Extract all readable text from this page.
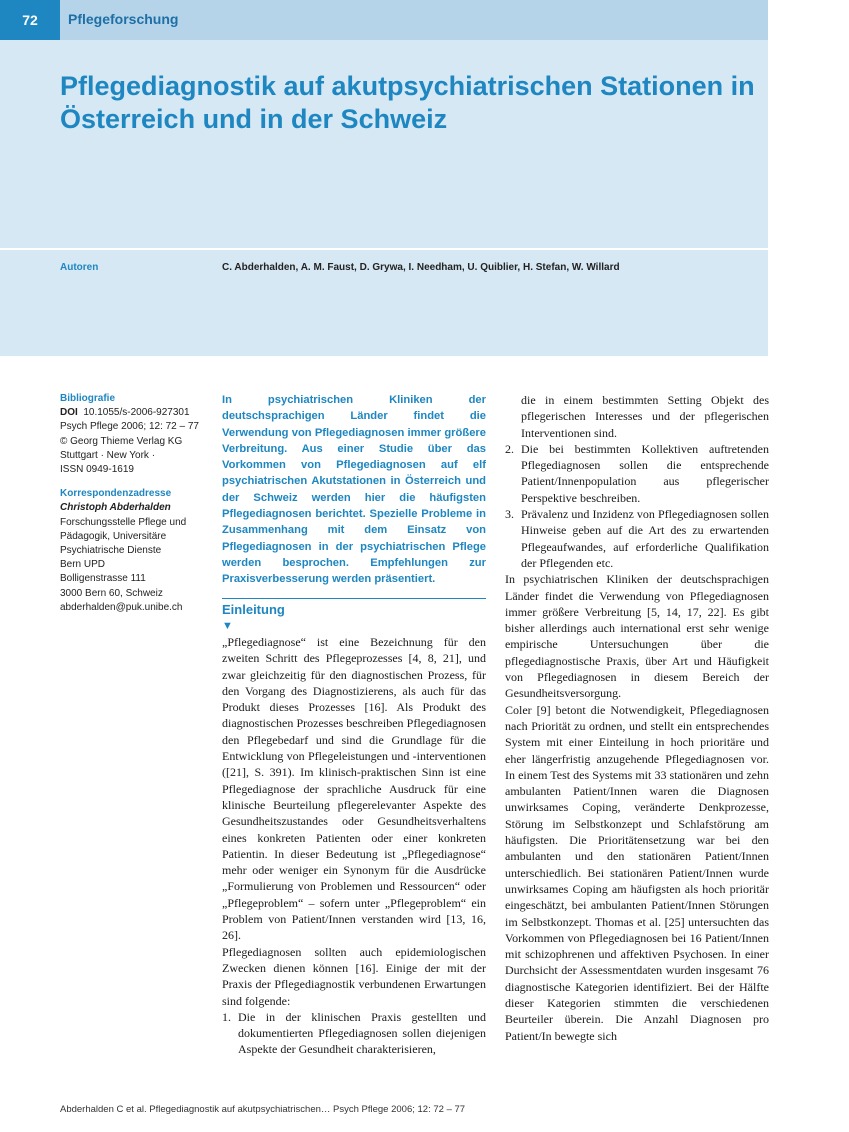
72	Pflegeforschung
Pflegediagnostik auf akutpsychiatrischen Stationen in Österreich und in der Schweiz
Autoren	C. Abderhalden, A. M. Faust, D. Grywa, I. Needham, U. Quiblier, H. Stefan, W. Willard
Bibliografie
DOI 10.1055/s-2006-927301
Psych Pflege 2006; 12: 72 – 77
© Georg Thieme Verlag KG
Stuttgart · New York ·
ISSN 0949-1619
Korrespondenzadresse
Christoph Abderhalden
Forschungsstelle Pflege und
Pädagogik, Universitäre
Psychiatrische Dienste
Bern UPD
Bolligenstrasse 111
3000 Bern 60, Schweiz
abderhalden@puk.unibe.ch
In psychiatrischen Kliniken der deutschsprachigen Länder findet die Verwendung von Pflegediagnosen immer größere Verbreitung. Aus einer Studie über das Vorkommen von Pflegediagnosen auf elf psychiatrischen Akutstationen in Österreich und der Schweiz werden hier die häufigsten Pflegediagnosen berichtet. Spezielle Probleme in Zusammenhang mit dem Einsatz von Pflegediagnosen in der psychiatrischen Pflege werden besprochen. Empfehlungen zur Praxisverbesserung werden präsentiert.
Einleitung
▼

„Pflegediagnose“ ist eine Bezeichnung für den zweiten Schritt des Pflegeprozesses [4, 8, 21], und zwar gleichzeitig für den diagnostischen Prozess, für den Vorgang des Diagnostizierens, als auch für das Produkt dieses Prozesses [16]. Als Produkt des diagnostischen Prozesses beschreiben Pflegediagnosen den Pflegebedarf und sind die Grundlage für die Entwicklung von Pflegeleistungen und -interventionen ([21], S. 391). Im klinisch-praktischen Sinn ist eine Pflegediagnose der sprachliche Ausdruck für eine klinische Beurteilung pflegerelevanter Aspekte des Gesundheitszustandes oder Gesundheitsverhaltens eines konkreten Patienten oder einer konkreten Patientin. In dieser Bedeutung ist „Pflegediagnose“ mehr oder weniger ein Synonym für die Ausdrücke „Formulierung von Problemen und Ressourcen“ oder „Pflegeproblem“ – sofern unter „Pflegeproblem“ ein Problem von Patient/Innen verstanden wird [13, 16, 26].

Pflegediagnosen sollten auch epidemiologischen Zwecken dienen können [16]. Einige der mit der Praxis der Pflegediagnostik verbundenen Erwartungen sind folgende:

1. Die in der klinischen Praxis gestellten und dokumentierten Pflegediagnosen sollen diejenigen Aspekte der Gesundheit charakterisieren,
die in einem bestimmten Setting Objekt des pflegerischen Interesses und der pflegerischen Interventionen sind.
2. Die bei bestimmten Kollektiven auftretenden Pflegediagnosen sollen die entsprechende Patient/Innenpopulation aus pflegerischer Perspektive beschreiben.
3. Prävalenz und Inzidenz von Pflegediagnosen sollen Hinweise geben auf die Art des zu erwartenden Pflegeaufwandes, auf erforderliche Qualifikation der Pflegenden etc.

In psychiatrischen Kliniken der deutschsprachigen Länder findet die Verwendung von Pflegediagnosen immer größere Verbreitung [5, 14, 17, 22]. Es gibt bisher allerdings auch international erst sehr wenige empirische Untersuchungen über die pflegediagnostische Praxis, über Art und Häufigkeit von Pflegediagnosen in diesem Bereich der Gesundheitsversorgung.

Coler [9] betont die Notwendigkeit, Pflegediagnosen nach Priorität zu ordnen, und stellt ein entsprechendes System mit einer Einteilung in hoch prioritäre und eher längerfristig anzugehende Pflegediagnosen vor. In einem Test des Systems mit 33 stationären und zehn ambulanten Patient/Innen waren die Diagnosen unwirksames Coping, veränderte Denkprozesse, Störung im Selbstkonzept und Schlafstörung am häufigsten. Die Prioritätensetzung war bei den ambulanten und den stationären Patient/Innen unterschiedlich. Bei stationären Patient/Innen wurde unwirksames Coping am häufigsten als hoch prioritär eingeschätzt, bei ambulanten Patient/Innen Störungen im Selbstkonzept. Thomas et al. [25] untersuchten das Vorkommen von Pflegediagnosen bei 16 Patient/Innen mit schizophrenen und affektiven Psychosen. In einer Durchsicht der Assessmentdaten wurden insgesamt 76 diagnostische Kategorien identifiziert. Bei der Hälfte dieser Kategorien stimmten die verschiedenen Beurteiler überein. Die Anzahl Diagnosen pro Patient/In bewegte sich

Abderhalden C et al. Pflegediagnostik auf akutpsychiatrischen… Psych Pflege 2006; 12: 72 – 77
